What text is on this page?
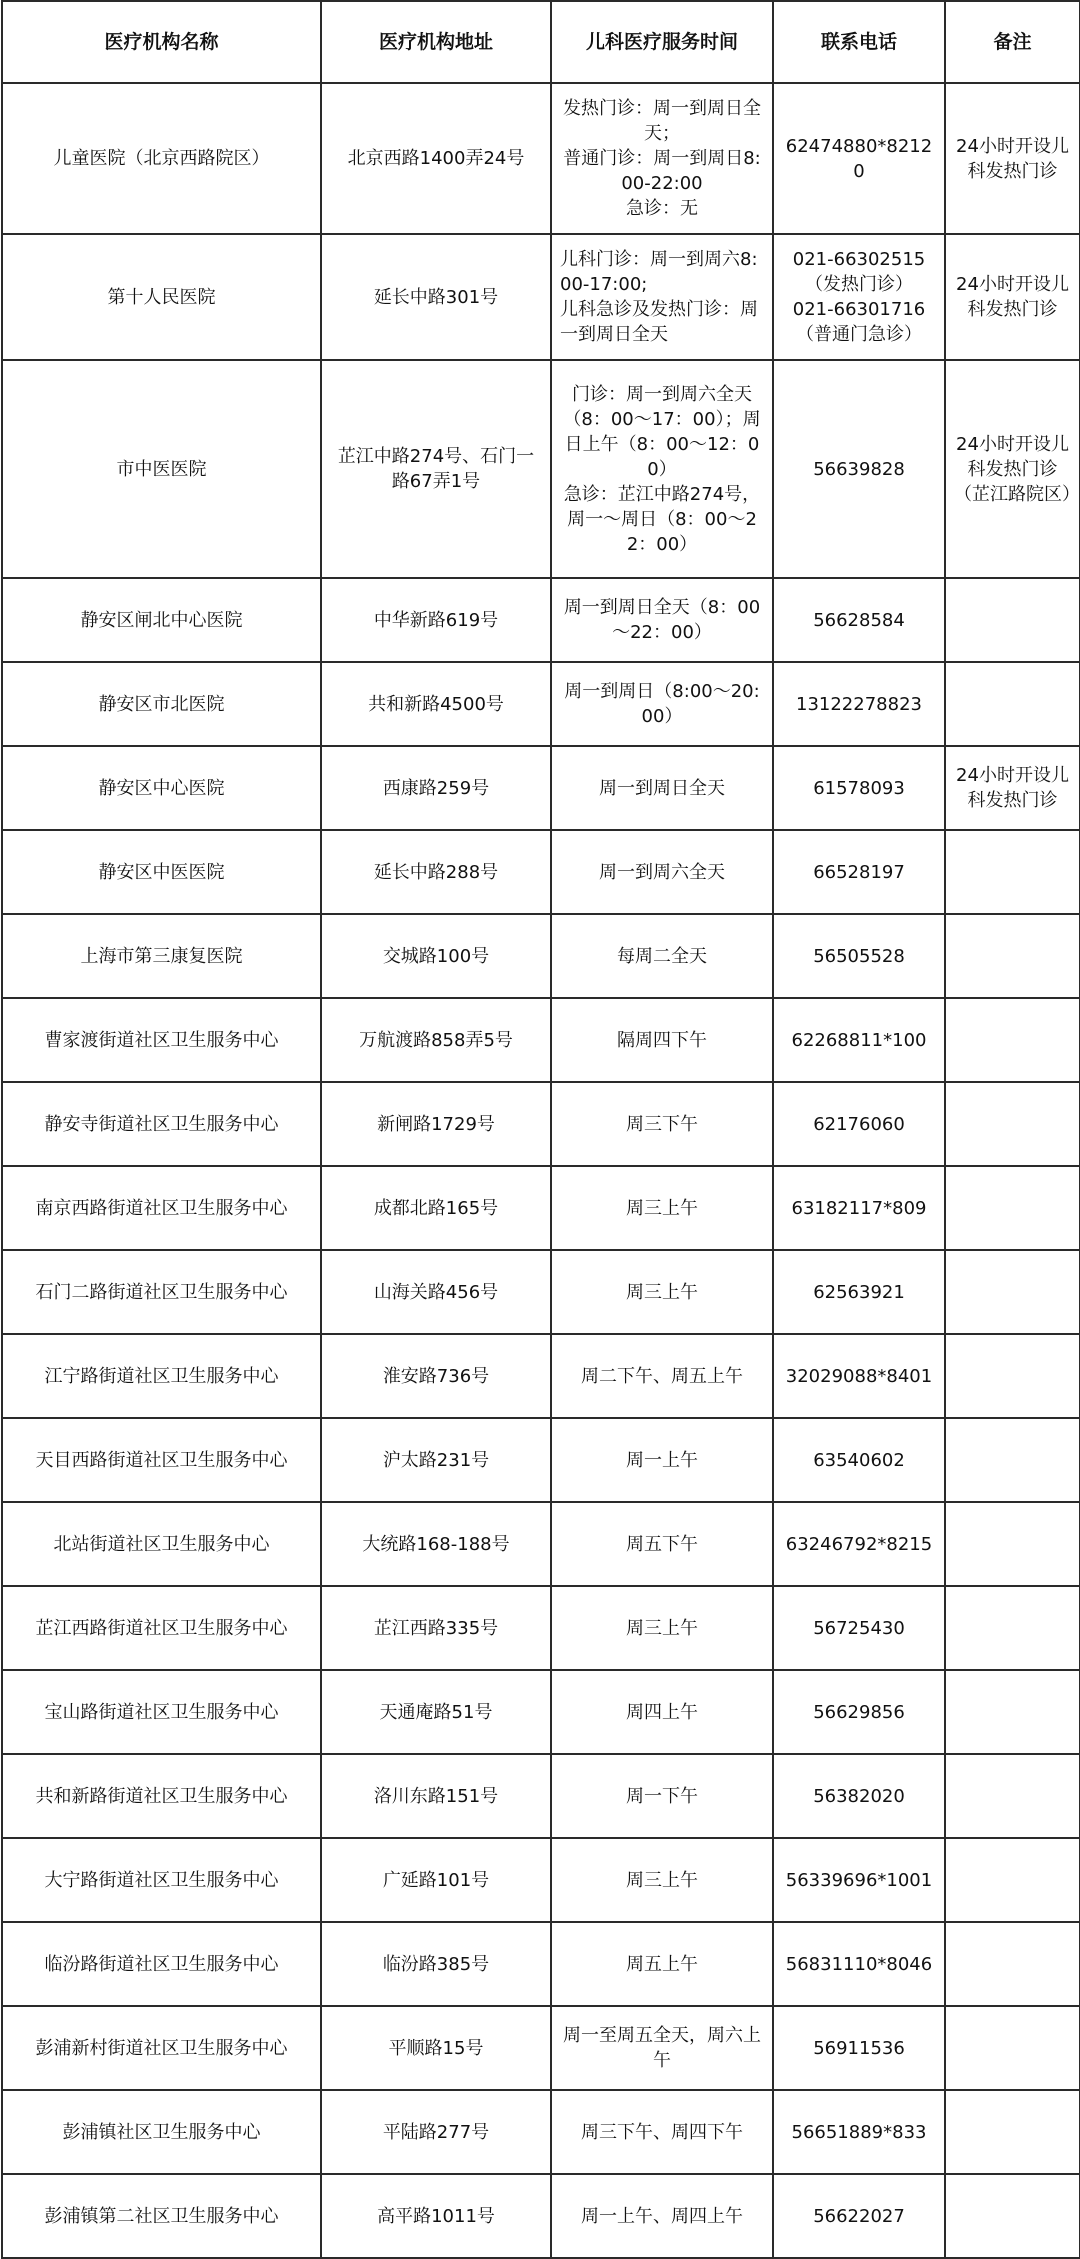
医疗机构名称	医疗机构地址	儿科医疗服务时间	联系电话	备注
儿童医院（北京西路院区）	北京西路1400弄24号	发热门诊：周一到周日全天；
普通门诊：周一到周日8:00-22:00
急诊：无	62474880*82120	24小时开设儿科发热门诊
第十人民医院	延长中路301号	儿科门诊：周一到周六8:00-17:00;
儿科急诊及发热门诊：周一到周日全天	021-66302515（发热门诊）
021-66301716（普通门急诊）	24小时开设儿科发热门诊
市中医医院	芷江中路274号、石门一路67弄1号	门诊：周一到周六全天（8：00～17：00）；周日上午（8：00～12：00）
急诊：芷江中路274号，周一～周日（8：00～22：00）	56639828	24小时开设儿科发热门诊（芷江路院区）
静安区闸北中心医院	中华新路619号	周一到周日全天（8：00～22：00）	56628584	
静安区市北医院	共和新路4500号	周一到周日（8:00～20:00）	13122278823	
静安区中心医院	西康路259号	周一到周日全天	61578093	24小时开设儿科发热门诊
静安区中医医院	延长中路288号	周一到周六全天	66528197	
上海市第三康复医院	交城路100号	每周二全天	56505528	
曹家渡街道社区卫生服务中心	万航渡路858弄5号	隔周四下午	62268811*100	
静安寺街道社区卫生服务中心	新闸路1729号	周三下午	62176060	
南京西路街道社区卫生服务中心	成都北路165号	周三上午	63182117*809	
石门二路街道社区卫生服务中心	山海关路456号	周三上午	62563921	
江宁路街道社区卫生服务中心	淮安路736号	周二下午、周五上午	32029088*8401	
天目西路街道社区卫生服务中心	沪太路231号	周一上午	63540602	
北站街道社区卫生服务中心	大统路168-188号	周五下午	63246792*8215	
芷江西路街道社区卫生服务中心	芷江西路335号	周三上午	56725430	
宝山路街道社区卫生服务中心	天通庵路51号	周四上午	56629856	
共和新路街道社区卫生服务中心	洛川东路151号	周一下午	56382020	
大宁路街道社区卫生服务中心	广延路101号	周三上午	56339696*1001	
临汾路街道社区卫生服务中心	临汾路385号	周五上午	56831110*8046	
彭浦新村街道社区卫生服务中心	平顺路15号	周一至周五全天，周六上午	56911536	
彭浦镇社区卫生服务中心	平陆路277号	周三下午、周四下午	56651889*833	
彭浦镇第二社区卫生服务中心	高平路1011号	周一上午、周四上午	56622027	
